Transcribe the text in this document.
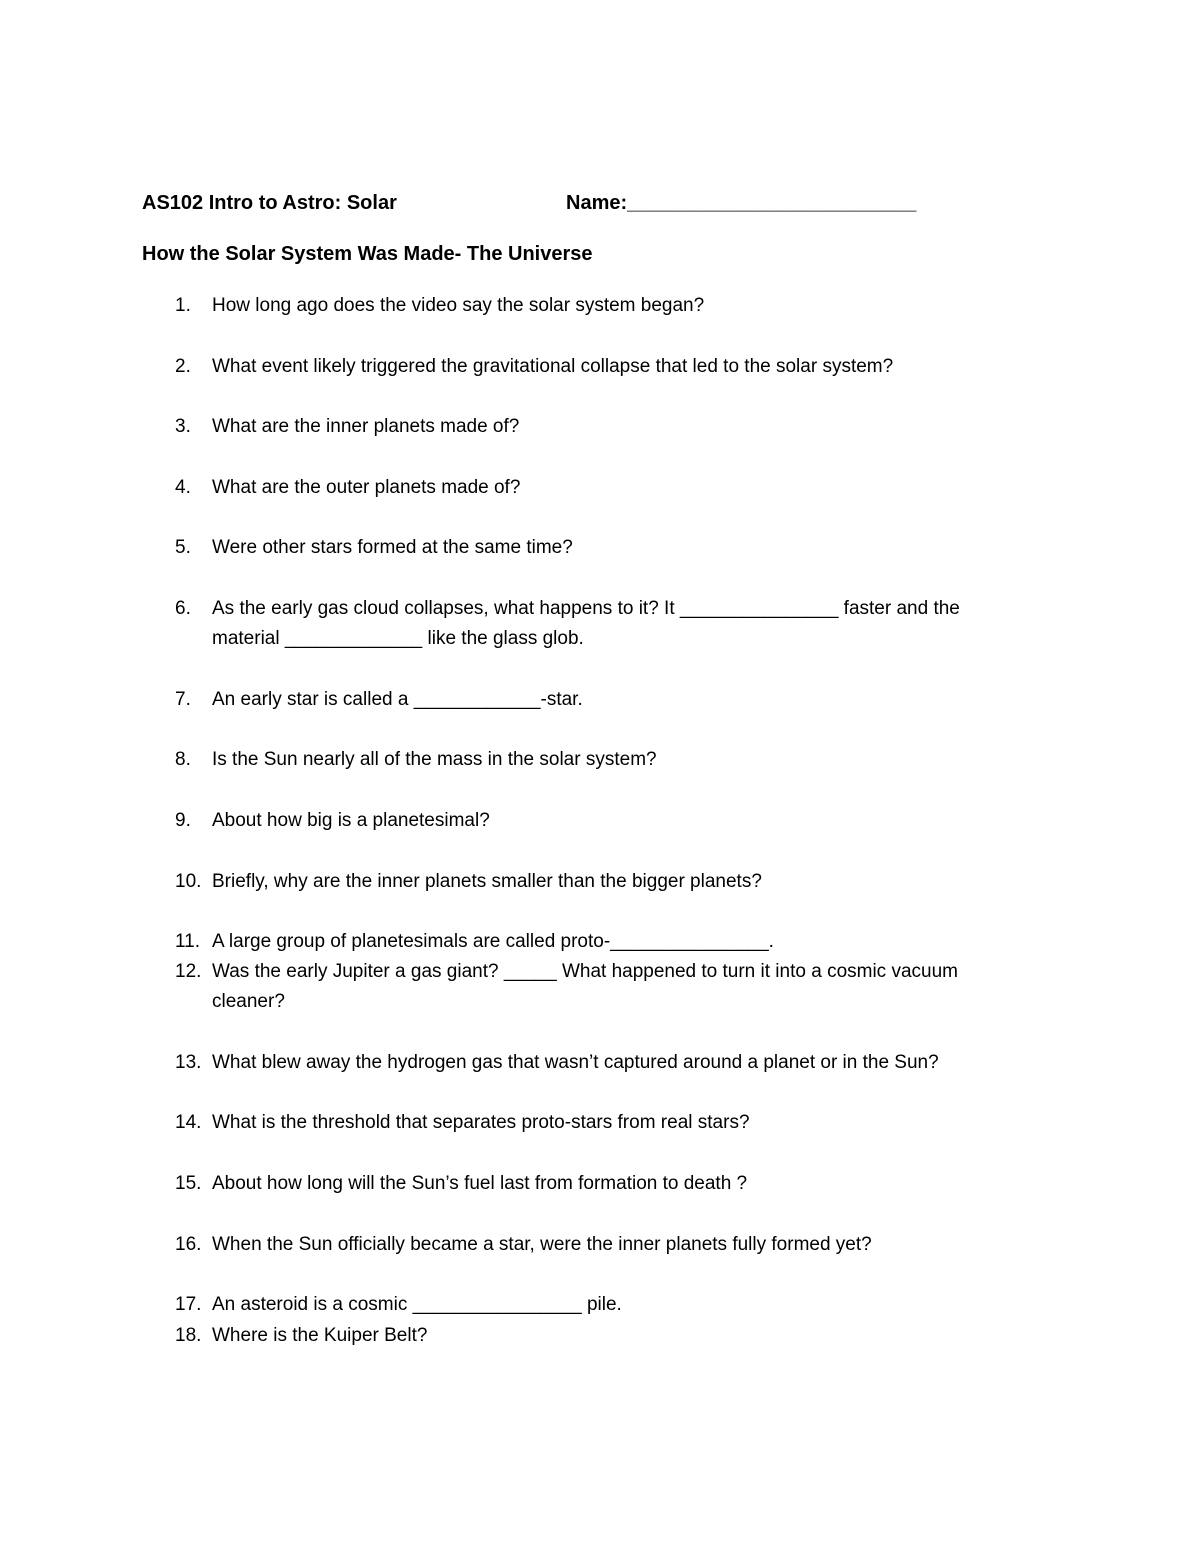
AS102 Intro to Astro: Solar	Name:__________________________
How the Solar System Was Made- The Universe
1. How long ago does the video say the solar system began?
2. What event likely triggered the gravitational collapse that led to the solar system?
3. What are the inner planets made of?
4. What are the outer planets made of?
5. Were other stars formed at the same time?
6. As the early gas cloud collapses, what happens to it? It _______________ faster and the material _____________ like the glass glob.
7. An early star is called a ____________-star.
8. Is the Sun nearly all of the mass in the solar system?
9. About how big is a planetesimal?
10. Briefly, why are the inner planets smaller than the bigger planets?
11. A large group of planetesimals are called proto-_______________.
12. Was the early Jupiter a gas giant? _____ What happened to turn it into a cosmic vacuum cleaner?
13. What blew away the hydrogen gas that wasn’t captured around a planet or in the Sun?
14. What is the threshold that separates proto-stars from real stars?
15. About how long will the Sun’s fuel last from formation to death ?
16. When the Sun officially became a star, were the inner planets fully formed yet?
17. An asteroid is a cosmic ________________ pile.
18. Where is the Kuiper Belt?
